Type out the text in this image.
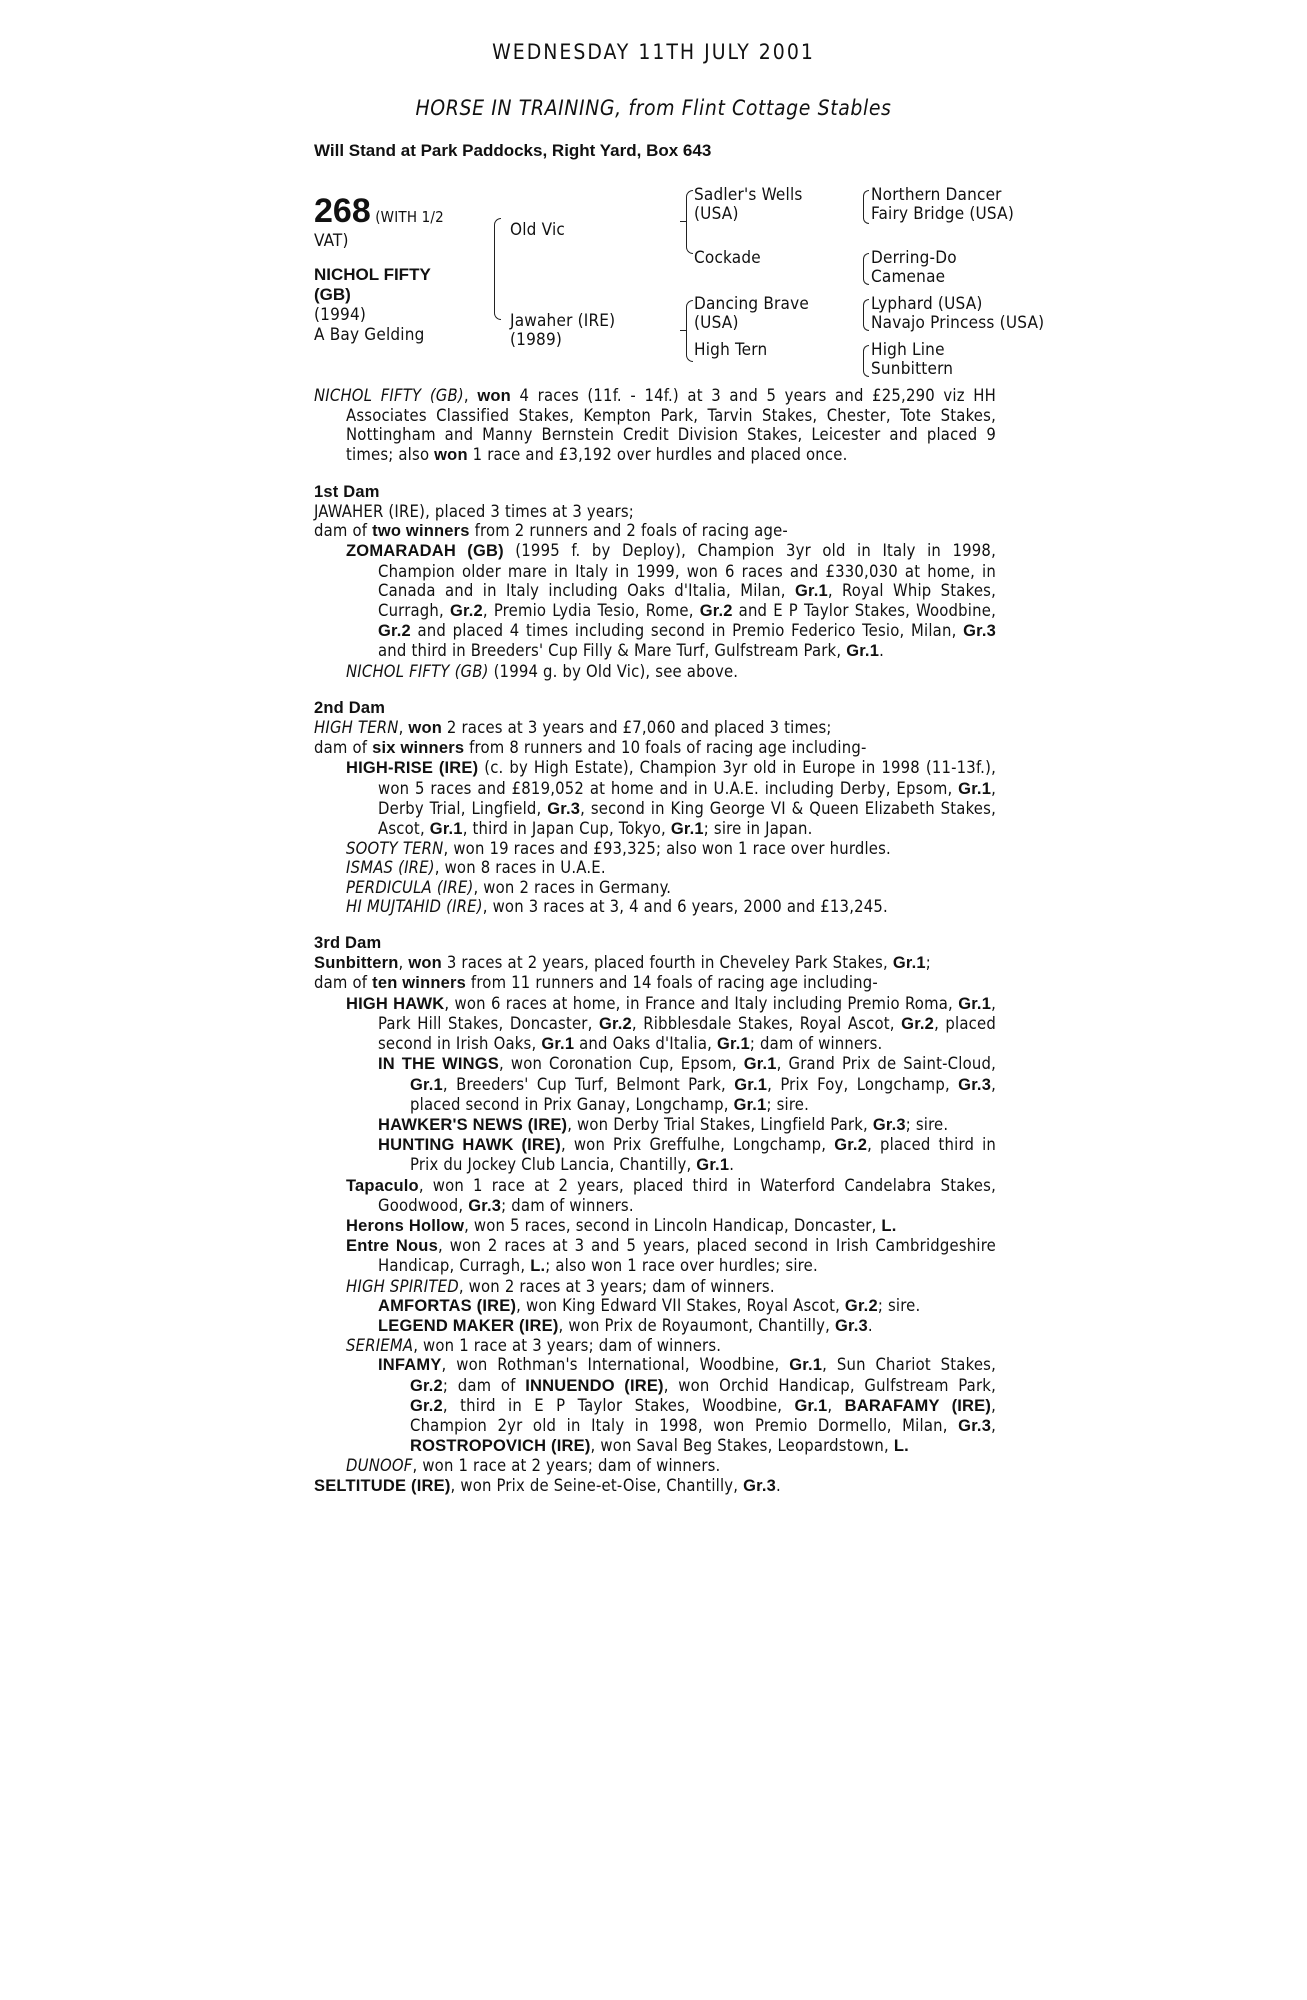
WEDNESDAY 11TH JULY 2001
HORSE IN TRAINING, from Flint Cottage Stables
Will Stand at Park Paddocks, Right Yard, Box 643
268 (WITH 1/2
VAT)
NICHOL FIFTY
(GB)
(1994)
A Bay Gelding
Old Vic
Jawaher (IRE)
(1989)
Sadler's Wells
(USA)
Cockade
Dancing Brave
(USA)
High Tern
Northern Dancer
Fairy Bridge (USA)
Derring-Do
Camenae
Lyphard (USA)
Navajo Princess (USA)
High Line
Sunbittern

NICHOL FIFTY (GB), won 4 races (11f. - 14f.) at 3 and 5 years and £25,290 viz HH Associates Classified Stakes, Kempton Park, Tarvin Stakes, Chester, Tote Stakes, Nottingham and Manny Bernstein Credit Division Stakes, Leicester and placed 9 times; also won 1 race and £3,192 over hurdles and placed once.

1st Dam

JAWAHER (IRE), placed 3 times at 3 years;

dam of two winners from 2 runners and 2 foals of racing age-

ZOMARADAH (GB) (1995 f. by Deploy), Champion 3yr old in Italy in 1998, Champion older mare in Italy in 1999, won 6 races and £330,030 at home, in Canada and in Italy including Oaks d'Italia, Milan, Gr.1, Royal Whip Stakes, Curragh, Gr.2, Premio Lydia Tesio, Rome, Gr.2 and E P Taylor Stakes, Woodbine, Gr.2 and placed 4 times including second in Premio Federico Tesio, Milan, Gr.3 and third in Breeders' Cup Filly & Mare Turf, Gulfstream Park, Gr.1.

NICHOL FIFTY (GB) (1994 g. by Old Vic), see above.

2nd Dam

HIGH TERN, won 2 races at 3 years and £7,060 and placed 3 times;

dam of six winners from 8 runners and 10 foals of racing age including-

HIGH-RISE (IRE) (c. by High Estate), Champion 3yr old in Europe in 1998 (11-13f.), won 5 races and £819,052 at home and in U.A.E. including Derby, Epsom, Gr.1, Derby Trial, Lingfield, Gr.3, second in King George VI & Queen Elizabeth Stakes, Ascot, Gr.1, third in Japan Cup, Tokyo, Gr.1; sire in Japan.

SOOTY TERN, won 19 races and £93,325; also won 1 race over hurdles.

ISMAS (IRE), won 8 races in U.A.E.

PERDICULA (IRE), won 2 races in Germany.

HI MUJTAHID (IRE), won 3 races at 3, 4 and 6 years, 2000 and £13,245.

3rd Dam

Sunbittern, won 3 races at 2 years, placed fourth in Cheveley Park Stakes, Gr.1;

dam of ten winners from 11 runners and 14 foals of racing age including-

HIGH HAWK, won 6 races at home, in France and Italy including Premio Roma, Gr.1, Park Hill Stakes, Doncaster, Gr.2, Ribblesdale Stakes, Royal Ascot, Gr.2, placed second in Irish Oaks, Gr.1 and Oaks d'Italia, Gr.1; dam of winners.

IN THE WINGS, won Coronation Cup, Epsom, Gr.1, Grand Prix de Saint-Cloud, Gr.1, Breeders' Cup Turf, Belmont Park, Gr.1, Prix Foy, Longchamp, Gr.3, placed second in Prix Ganay, Longchamp, Gr.1; sire.

HAWKER'S NEWS (IRE), won Derby Trial Stakes, Lingfield Park, Gr.3; sire.

HUNTING HAWK (IRE), won Prix Greffulhe, Longchamp, Gr.2, placed third in Prix du Jockey Club Lancia, Chantilly, Gr.1.

Tapaculo, won 1 race at 2 years, placed third in Waterford Candelabra Stakes, Goodwood, Gr.3; dam of winners.

Herons Hollow, won 5 races, second in Lincoln Handicap, Doncaster, L.

Entre Nous, won 2 races at 3 and 5 years, placed second in Irish Cambridgeshire Handicap, Curragh, L.; also won 1 race over hurdles; sire.

HIGH SPIRITED, won 2 races at 3 years; dam of winners.

AMFORTAS (IRE), won King Edward VII Stakes, Royal Ascot, Gr.2; sire.

LEGEND MAKER (IRE), won Prix de Royaumont, Chantilly, Gr.3.

SERIEMA, won 1 race at 3 years; dam of winners.

INFAMY, won Rothman's International, Woodbine, Gr.1, Sun Chariot Stakes, Gr.2; dam of INNUENDO (IRE), won Orchid Handicap, Gulfstream Park, Gr.2, third in E P Taylor Stakes, Woodbine, Gr.1, BARAFAMY (IRE), Champion 2yr old in Italy in 1998, won Premio Dormello, Milan, Gr.3, ROSTROPOVICH (IRE), won Saval Beg Stakes, Leopardstown, L.

DUNOOF, won 1 race at 2 years; dam of winners.

SELTITUDE (IRE), won Prix de Seine-et-Oise, Chantilly, Gr.3.
